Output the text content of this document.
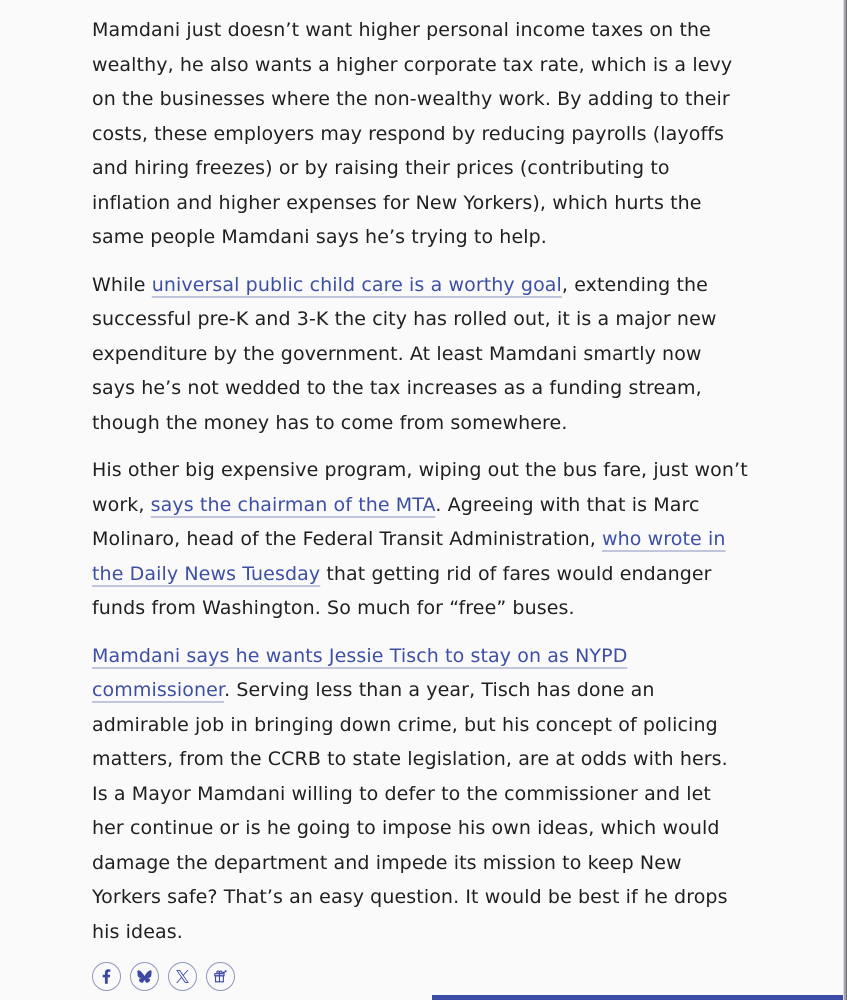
Mamdani just doesn’t want higher personal income taxes on the wealthy, he also wants a higher corporate tax rate, which is a levy on the businesses where the non-wealthy work. By adding to their costs, these employers may respond by reducing payrolls (layoffs and hiring freezes) or by raising their prices (contributing to inflation and higher expenses for New Yorkers), which hurts the same people Mamdani says he’s trying to help.

While universal public child care is a worthy goal, extending the successful pre-K and 3-K the city has rolled out, it is a major new expenditure by the government. At least Mamdani smartly now says he’s not wedded to the tax increases as a funding stream, though the money has to come from somewhere.

His other big expensive program, wiping out the bus fare, just won’t work, says the chairman of the MTA. Agreeing with that is Marc Molinaro, head of the Federal Transit Administration, who wrote in the Daily News Tuesday that getting rid of fares would endanger funds from Washington. So much for “free” buses.

Mamdani says he wants Jessie Tisch to stay on as NYPD commissioner. Serving less than a year, Tisch has done an admirable job in bringing down crime, but his concept of policing matters, from the CCRB to state legislation, are at odds with hers. Is a Mayor Mamdani willing to defer to the commissioner and let her continue or is he going to impose his own ideas, which would damage the department and impede its mission to keep New Yorkers safe? That’s an easy question. It would be best if he drops his ideas.
